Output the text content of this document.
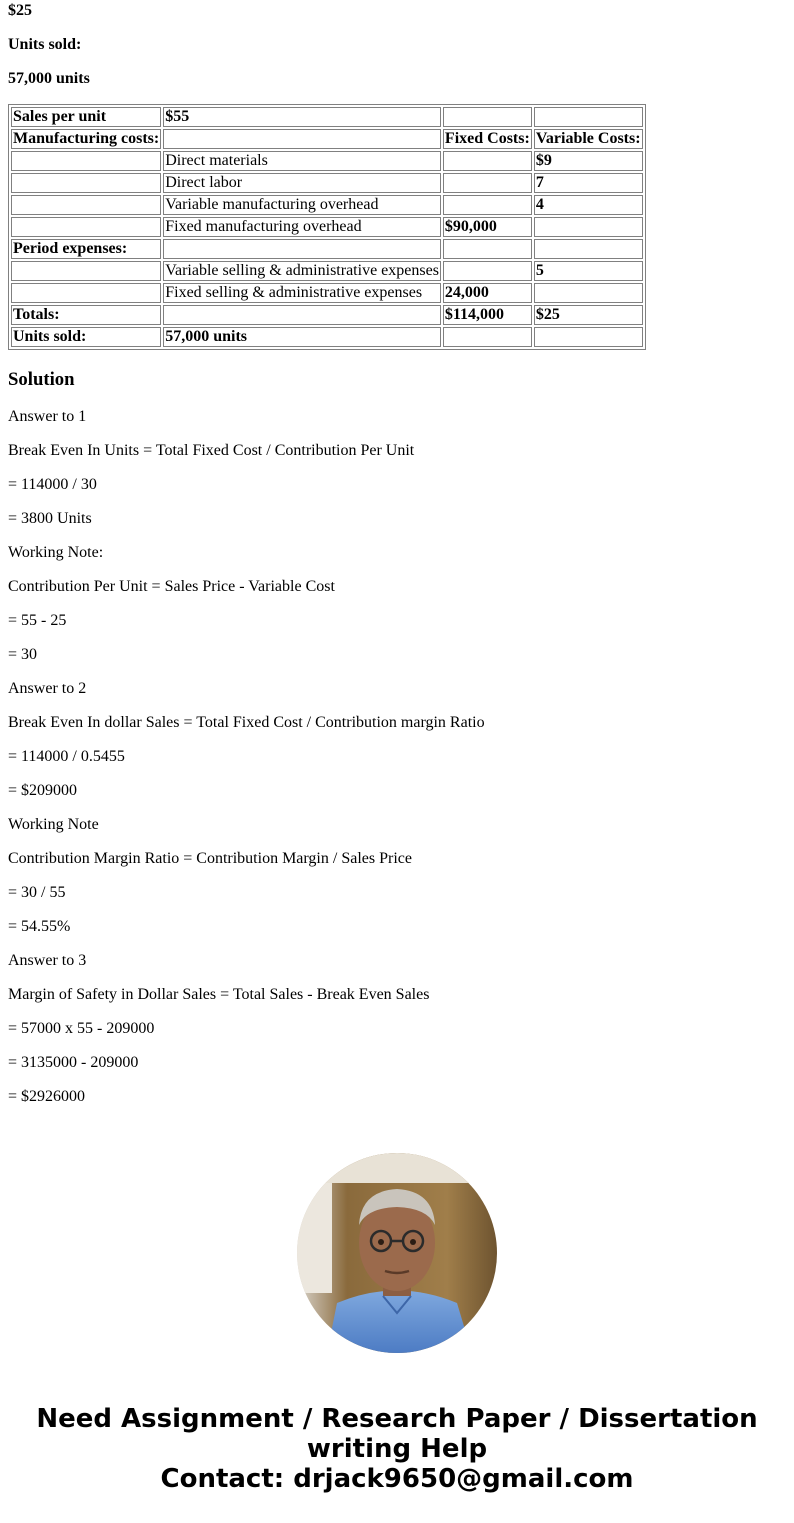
$25

Units sold:

57,000 units

Sales per unit	$55		
Manufacturing costs:		Fixed Costs:	Variable Costs:
	Direct materials		$9
	Direct labor		7
	Variable manufacturing overhead		4
	Fixed manufacturing overhead	$90,000	
Period expenses:			
	Variable selling & administrative expenses		5
	Fixed selling & administrative expenses	24,000	
Totals:		$114,000	$25
Units sold:	57,000 units		
Solution

Answer to 1

Break Even In Units = Total Fixed Cost / Contribution Per Unit

= 114000 / 30

= 3800 Units

Working Note:

Contribution Per Unit = Sales Price - Variable Cost

= 55 - 25

= 30

Answer to 2

Break Even In dollar Sales = Total Fixed Cost / Contribution margin Ratio

= 114000 / 0.5455

= $209000

Working Note

Contribution Margin Ratio = Contribution Margin / Sales Price

= 30 / 55

= 54.55%

Answer to 3

Margin of Safety in Dollar Sales = Total Sales - Break Even Sales

= 57000 x 55 - 209000

= 3135000 - 209000

= $2926000

Need Assignment / Research Paper / Dissertation
writing Help
Contact: drjack9650@gmail.com
